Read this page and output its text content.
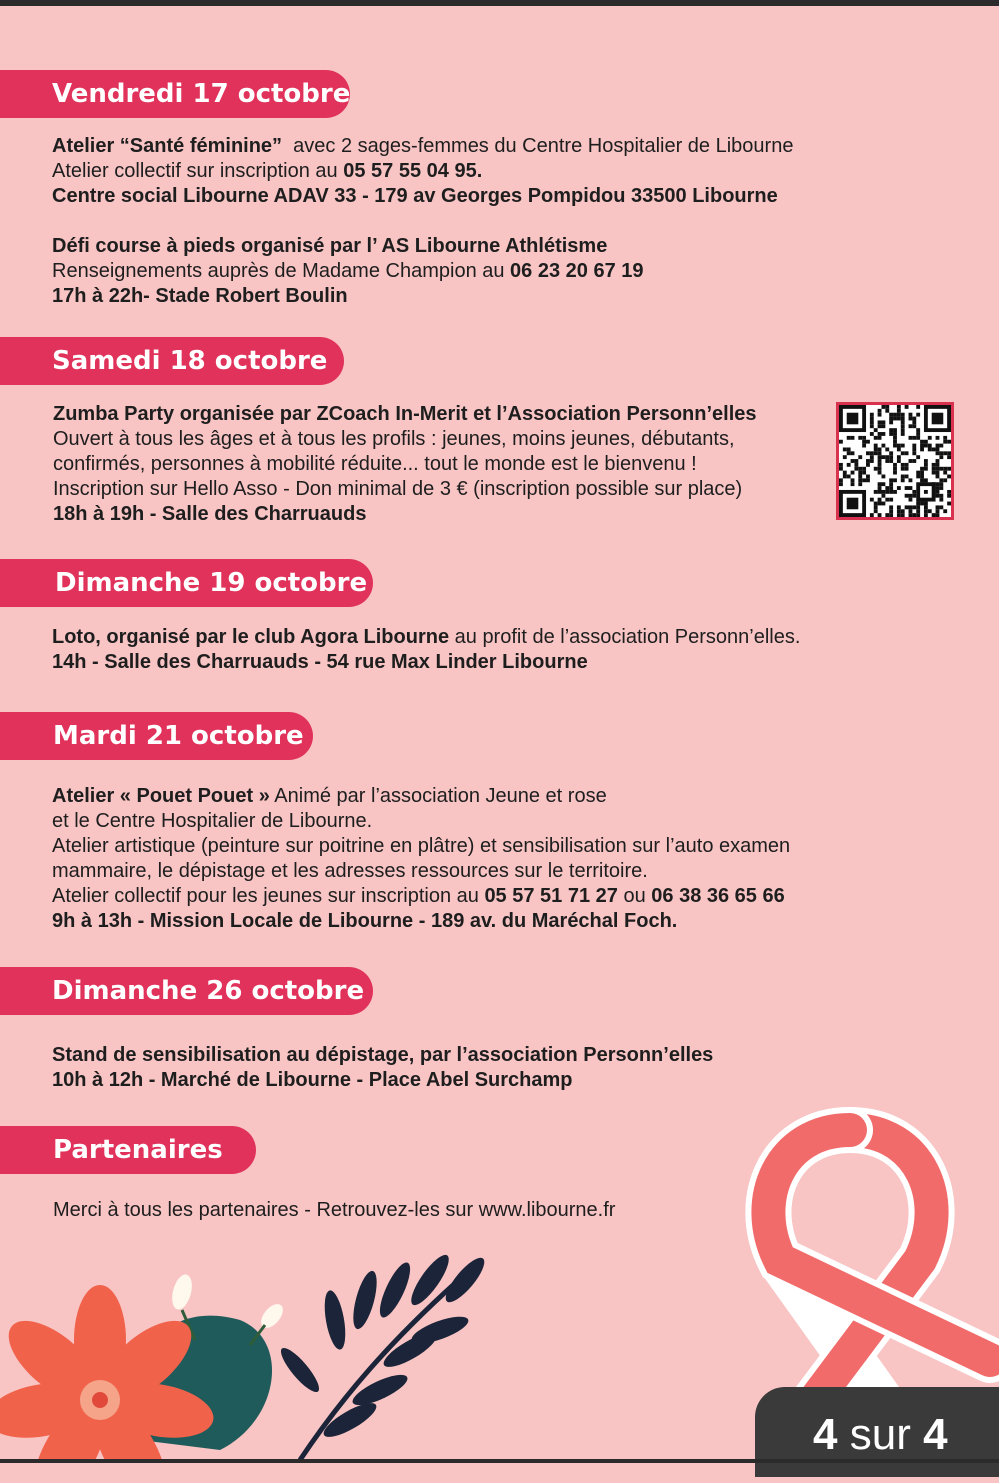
Vendredi 17 octobre

Atelier “Santé féminine”  avec 2 sages-femmes du Centre Hospitalier de Libourne

Atelier collectif sur inscription au 05 57 55 04 95.

Centre social Libourne ADAV 33 - 179 av Georges Pompidou 33500 Libourne

Défi course à pieds organisé par l’ AS Libourne Athlétisme

Renseignements auprès de Madame Champion au 06 23 20 67 19

17h à 22h- Stade Robert Boulin

Samedi 18 octobre

Zumba Party organisée par ZCoach In-Merit et l’Association Personn’elles

Ouvert à tous les âges et à tous les profils : jeunes, moins jeunes, débutants,

confirmés, personnes à mobilité réduite... tout le monde est le bienvenu !

Inscription sur Hello Asso - Don minimal de 3 € (inscription possible sur place)

18h à 19h - Salle des Charruauds

Dimanche 19 octobre

Loto, organisé par le club Agora Libourne au profit de l’association Personn’elles.

14h - Salle des Charruauds - 54 rue Max Linder Libourne

Mardi 21 octobre

Atelier « Pouet Pouet » Animé par l’association Jeune et rose

et le Centre Hospitalier de Libourne.

Atelier artistique (peinture sur poitrine en plâtre) et sensibilisation sur l’auto examen

mammaire, le dépistage et les adresses ressources sur le territoire.

Atelier collectif pour les jeunes sur inscription au 05 57 51 71 27 ou 06 38 36 65 66

9h à 13h - Mission Locale de Libourne - 189 av. du Maréchal Foch.

Dimanche 26 octobre

Stand de sensibilisation au dépistage, par l’association Personn’elles

10h à 12h - Marché de Libourne - Place Abel Surchamp

Partenaires

Merci à tous les partenaires - Retrouvez-les sur www.libourne.fr

4 sur 4
